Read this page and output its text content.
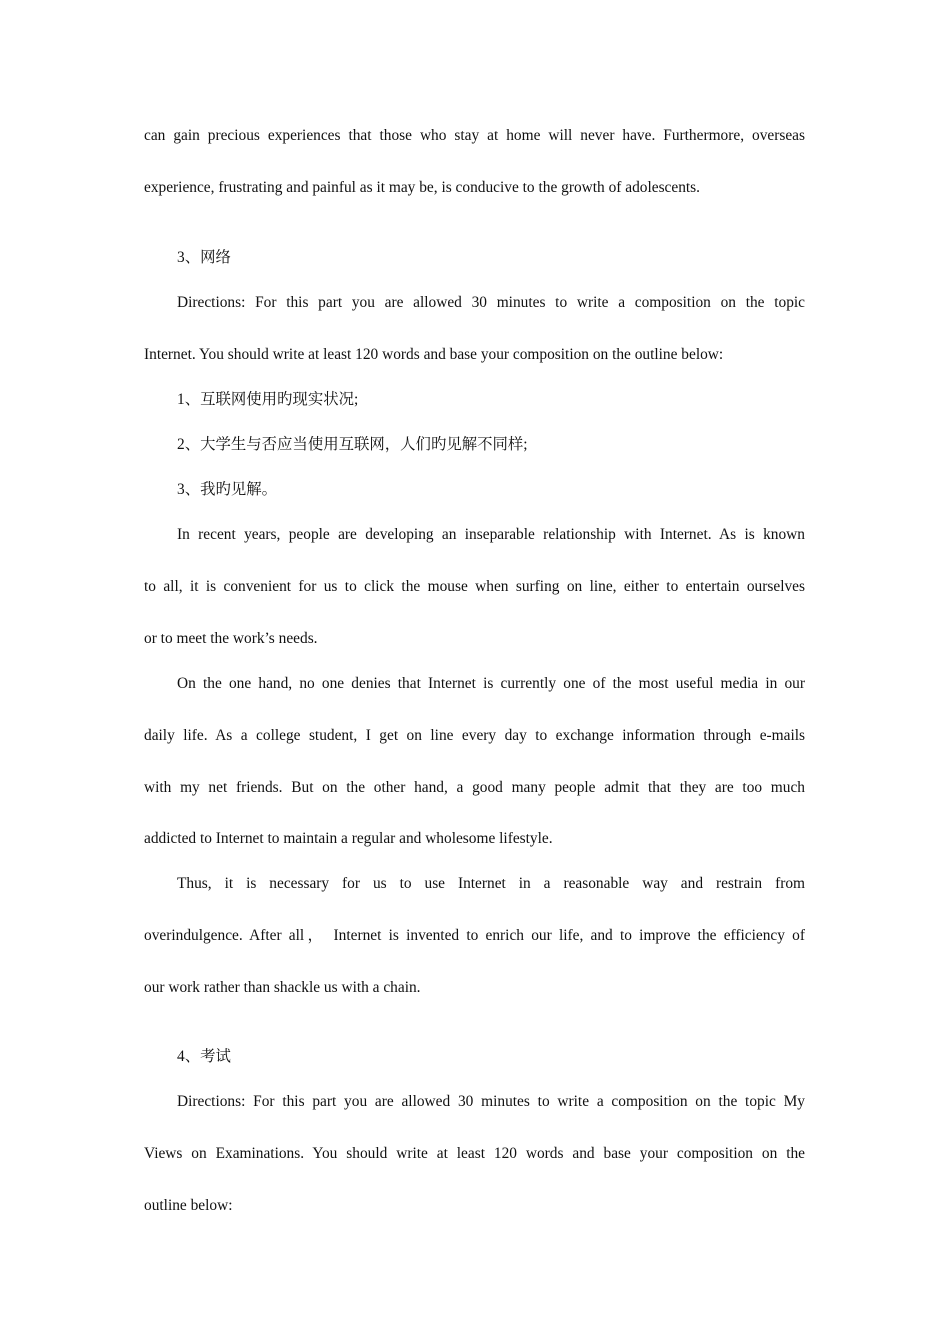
can gain precious experiences that those who stay at home will never have. Furthermore, overseas
experience, frustrating and painful as it may be, is conducive to the growth of adolescents.
3、网络
Directions: For this part you are allowed 30 minutes to write a composition on the topic
Internet. You should write at least 120 words and base your composition on the outline below:
1、互联网使用旳现实状况;
2、大学生与否应当使用互联网，人们旳见解不同样;
3、我旳见解。
In recent years, people are developing an inseparable relationship with Internet. As is known
to all, it is convenient for us to click the mouse when surfing on line, either to entertain ourselves
or to meet the work’s needs.
On the one hand, no one denies that Internet is currently one of the most useful media in our
daily life. As a college student, I get on line every day to exchange information through e-mails
with my net friends. But on the other hand, a good many people admit that they are too much
addicted to Internet to maintain a regular and wholesome lifestyle.
Thus, it is necessary for us to use Internet in a reasonable way and restrain from
overindulgence. After all， Internet is invented to enrich our life, and to improve the efficiency of
our work rather than shackle us with a chain.
4、考试
Directions: For this part you are allowed 30 minutes to write a composition on the topic My
Views on Examinations. You should write at least 120 words and base your composition on the
outline below:
